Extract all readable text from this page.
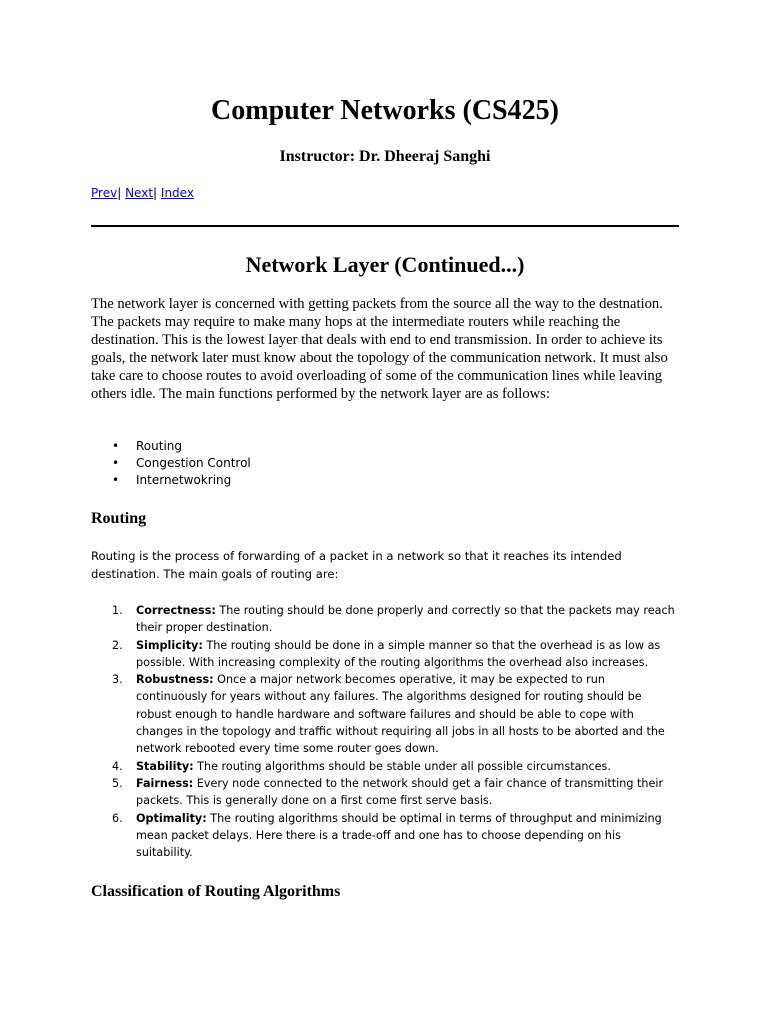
Computer Networks (CS425)
Instructor: Dr. Dheeraj Sanghi
Prev| Next| Index
Network Layer (Continued...)

The network layer is concerned with getting packets from the source all the way to the destnation. The packets may require to make many hops at the intermediate routers while reaching the destination. This is the lowest layer that deals with end to end transmission. In order to achieve its goals, the network later must know about the topology of the communication network. It must also take care to choose routes to avoid overloading of some of the communication lines while leaving others idle. The main functions performed by the network layer are as follows:

• Routing
• Congestion Control
• Internetwokring
Routing

Routing is the process of forwarding of a packet in a network so that it reaches its intended destination. The main goals of routing are:

1. Correctness: The routing should be done properly and correctly so that the packets may reach their proper destination.
2. Simplicity: The routing should be done in a simple manner so that the overhead is as low as possible. With increasing complexity of the routing algorithms the overhead also increases.
3. Robustness: Once a major network becomes operative, it may be expected to run continuously for years without any failures. The algorithms designed for routing should be robust enough to handle hardware and software failures and should be able to cope with changes in the topology and traffic without requiring all jobs in all hosts to be aborted and the network rebooted every time some router goes down.
4. Stability: The routing algorithms should be stable under all possible circumstances.
5. Fairness: Every node connected to the network should get a fair chance of transmitting their packets. This is generally done on a first come first serve basis.
6. Optimality: The routing algorithms should be optimal in terms of throughput and minimizing mean packet delays. Here there is a trade-off and one has to choose depending on his suitability.
Classification of Routing Algorithms
